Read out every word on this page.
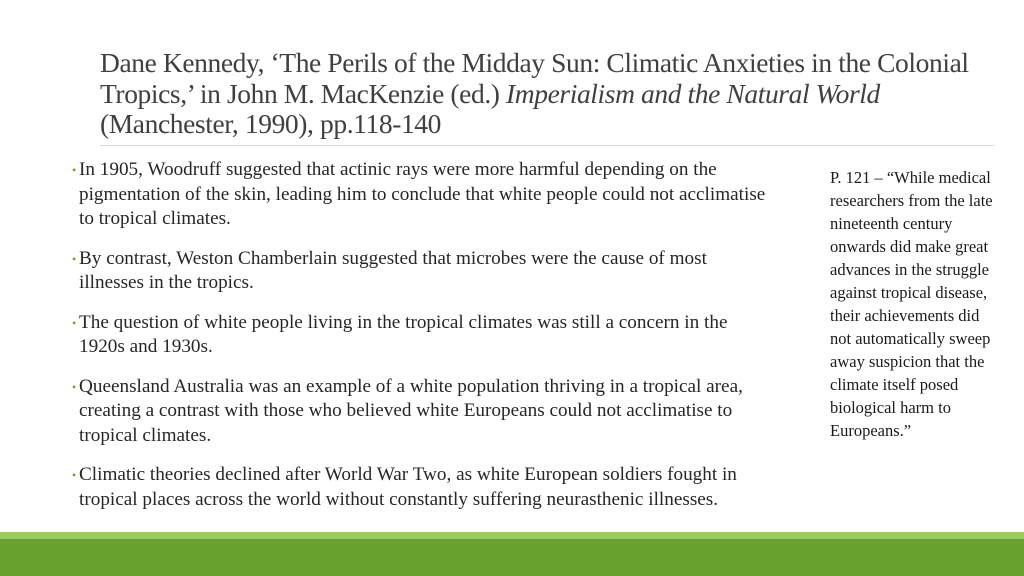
Dane Kennedy, ‘The Perils of the Midday Sun: Climatic Anxieties in the Colonial Tropics,’ in John M. MacKenzie (ed.) Imperialism and the Natural World (Manchester, 1990), pp.118-140
• In 1905, Woodruff suggested that actinic rays were more harmful depending on the pigmentation of the skin, leading him to conclude that white people could not acclimatise to tropical climates.
• By contrast, Weston Chamberlain suggested that microbes were the cause of most illnesses in the tropics.
• The question of white people living in the tropical climates was still a concern in the 1920s and 1930s.
• Queensland Australia was an example of a white population thriving in a tropical area, creating a contrast with those who believed white Europeans could not acclimatise to tropical climates.
• Climatic theories declined after World War Two, as white European soldiers fought in tropical places across the world without constantly suffering neurasthenic illnesses.
P. 121 – “While medical researchers from the late nineteenth century onwards did make great advances in the struggle against tropical disease, their achievements did not automatically sweep away suspicion that the climate itself posed biological harm to Europeans.”
